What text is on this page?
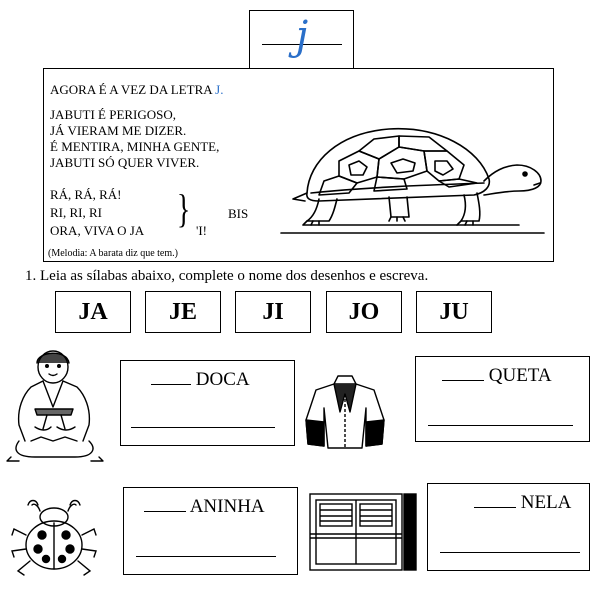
j
AGORA É A VEZ DA LETRA J.
JABUTI É PERIGOSO,
JÁ VIERAM ME DIZER.
É MENTIRA, MINHA GENTE,
JABUTI SÓ QUER VIVER.
RÁ, RÁ, RÁ!
RI, RI, RI
ORA, VIVA O JA } 'I!
BIS
(Melodia: A barata diz que tem.)
1. Leia as sílabas abaixo, complete o nome dos desenhos e escreva.
JA	JE	JI	JO	JU
DOCA	QUETA
ANINHA	NELA
